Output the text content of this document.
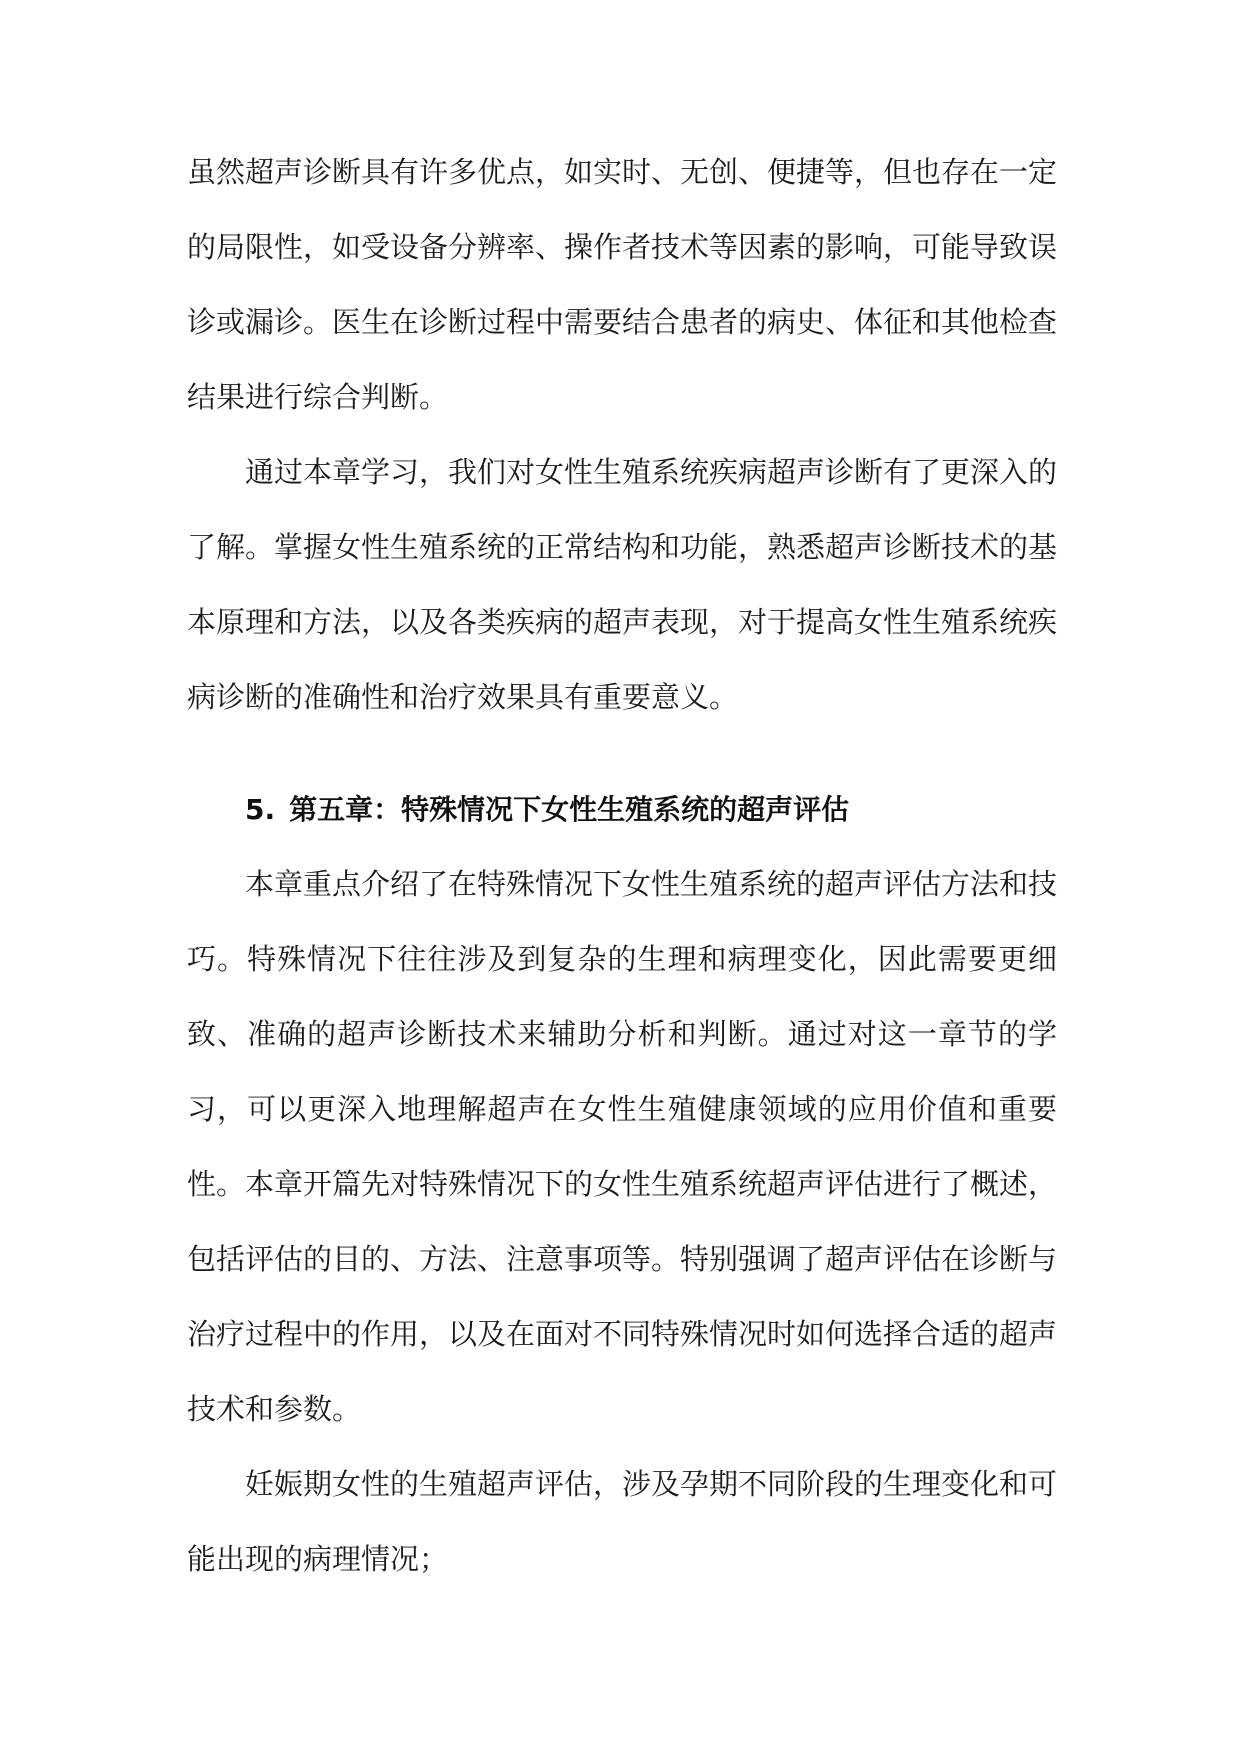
虽然超声诊断具有许多优点，如实时、无创、便捷等，但也存在一定的局限性，如受设备分辨率、操作者技术等因素的影响，可能导致误诊或漏诊。医生在诊断过程中需要结合患者的病史、体征和其他检查结果进行综合判断。

通过本章学习，我们对女性生殖系统疾病超声诊断有了更深入的了解。掌握女性生殖系统的正常结构和功能，熟悉超声诊断技术的基本原理和方法，以及各类疾病的超声表现，对于提高女性生殖系统疾病诊断的准确性和治疗效果具有重要意义。

5. 第五章：特殊情况下女性生殖系统的超声评估

本章重点介绍了在特殊情况下女性生殖系统的超声评估方法和技巧。特殊情况下往往涉及到复杂的生理和病理变化，因此需要更细致、准确的超声诊断技术来辅助分析和判断。通过对这一章节的学习，可以更深入地理解超声在女性生殖健康领域的应用价值和重要性。 本章开篇先对特殊情况下的女性生殖系统超声评估进行了概述，包括评估的目的、方法、注意事项等。特别强调了超声评估在诊断与治疗过程中的作用，以及在面对不同特殊情况时如何选择合适的超声技术和参数。

妊娠期女性的生殖超声评估，涉及孕期不同阶段的生理变化和可能出现的病理情况；
